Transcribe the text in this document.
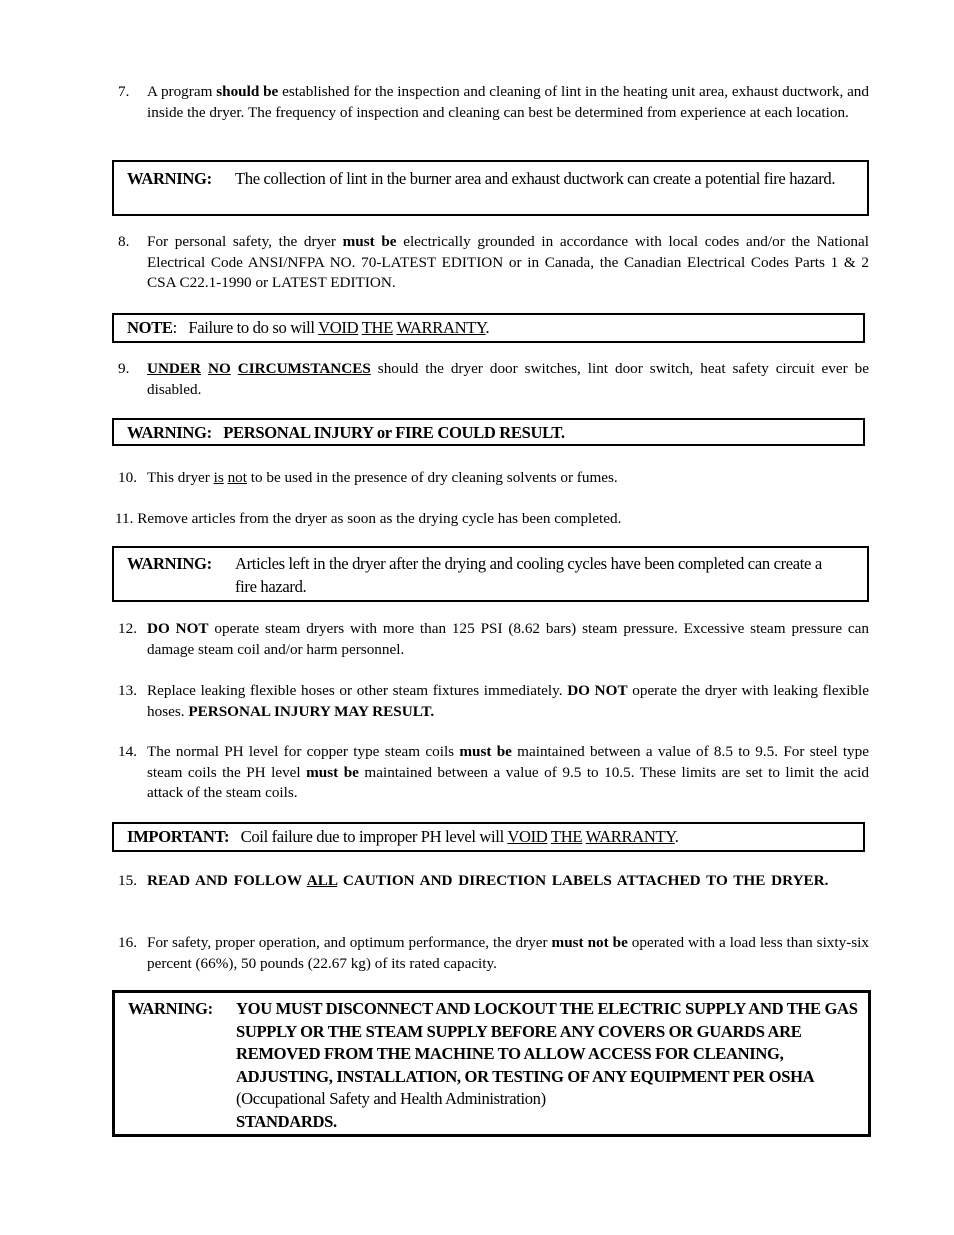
7.	A program should be established for the inspection and cleaning of lint in the heating unit area, exhaust ductwork, and inside the dryer. The frequency of inspection and cleaning can best be determined from experience at each location.
WARNING: The collection of lint in the burner area and exhaust ductwork can create a potential fire hazard.
8.	For personal safety, the dryer must be electrically grounded in accordance with local codes and/or the National Electrical Code ANSI/NFPA NO. 70-LATEST EDITION or in Canada, the Canadian Electrical Codes Parts 1 & 2 CSA C22.1-1990 or LATEST EDITION.
NOTE: Failure to do so will VOID THE WARRANTY.
9.	UNDER NO CIRCUMSTANCES should the dryer door switches, lint door switch, heat safety circuit ever be disabled.
WARNING: PERSONAL INJURY or FIRE COULD RESULT.
10. This dryer is not to be used in the presence of dry cleaning solvents or fumes.
11. Remove articles from the dryer as soon as the drying cycle has been completed.
WARNING: Articles left in the dryer after the drying and cooling cycles have been completed can create a fire hazard.
12. DO NOT operate steam dryers with more than 125 PSI (8.62 bars) steam pressure. Excessive steam pressure can damage steam coil and/or harm personnel.
13. Replace leaking flexible hoses or other steam fixtures immediately. DO NOT operate the dryer with leaking flexible hoses. PERSONAL INJURY MAY RESULT.
14. The normal PH level for copper type steam coils must be maintained between a value of 8.5 to 9.5. For steel type steam coils the PH level must be maintained between a value of 9.5 to 10.5. These limits are set to limit the acid attack of the steam coils.
IMPORTANT: Coil failure due to improper PH level will VOID THE WARRANTY.
15. READ AND FOLLOW ALL CAUTION AND DIRECTION LABELS ATTACHED TO THE DRYER.
16. For safety, proper operation, and optimum performance, the dryer must not be operated with a load less than sixty-six percent (66%), 50 pounds (22.67 kg) of its rated capacity.
WARNING: YOU MUST DISCONNECT AND LOCKOUT THE ELECTRIC SUPPLY AND THE GAS SUPPLY OR THE STEAM SUPPLY BEFORE ANY COVERS OR GUARDS ARE REMOVED FROM THE MACHINE TO ALLOW ACCESS FOR CLEANING, ADJUSTING, INSTALLATION, OR TESTING OF ANY EQUIPMENT PER OSHA (Occupational Safety and Health Administration)
STANDARDS.
